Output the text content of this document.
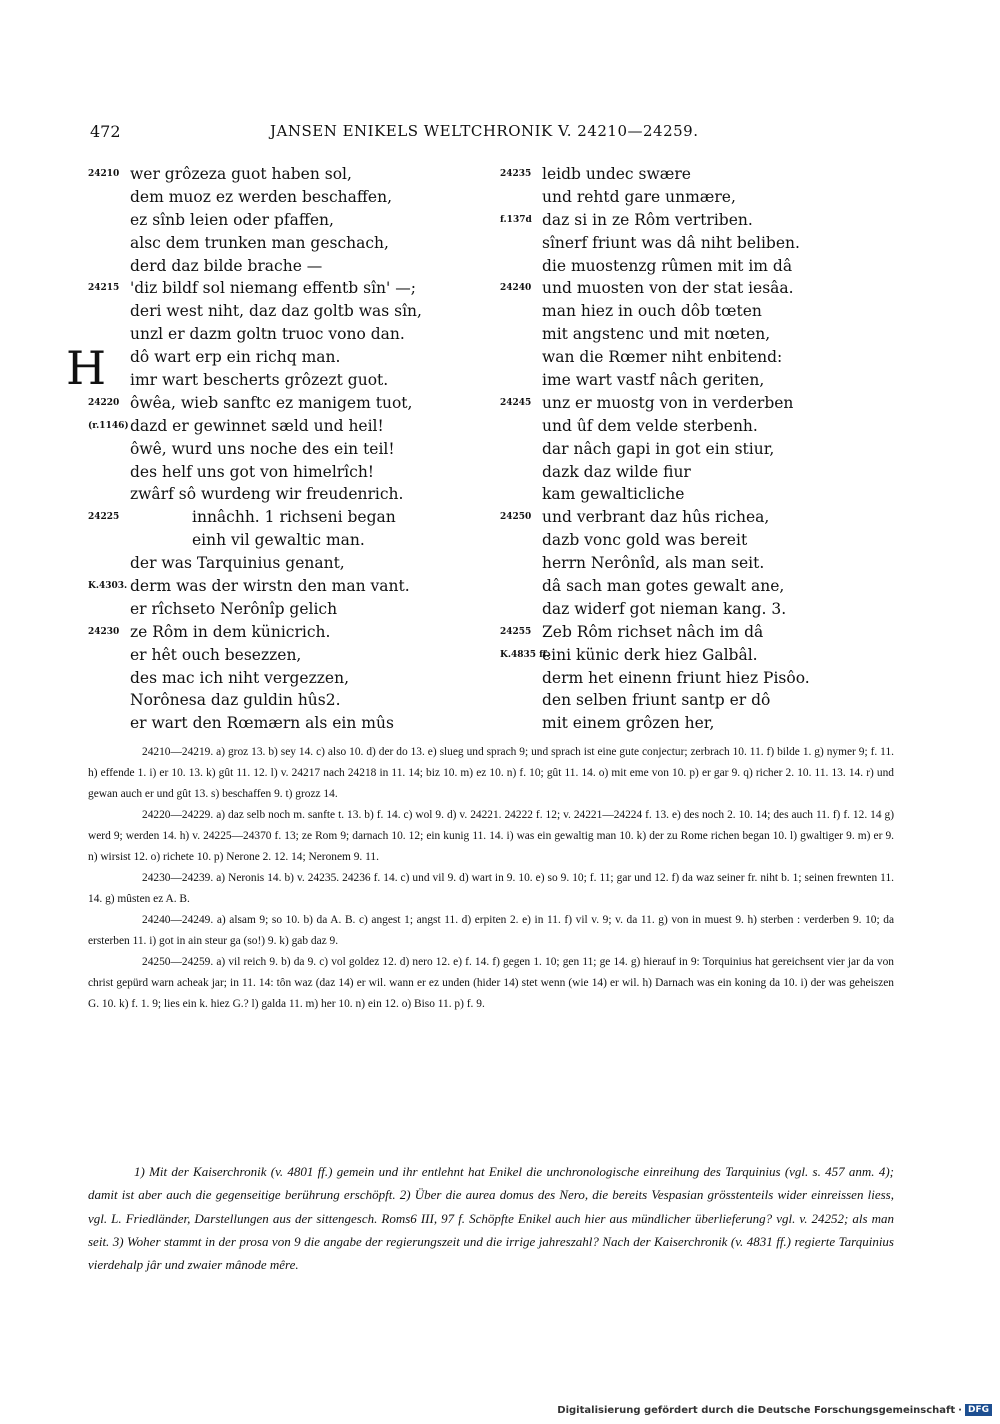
472	JANSEN ENIKELS WELTCHRONIK V. 24210—24259.
24210 wer grôzeza guot haben sol,
dem muoz ez werden beschaffen,
ez sînb leien oder pfaffen,
alsc dem trunken man geschach,
derd daz bilde brache —
24215 'diz bildf sol niemang effentb sîn' —;
deri west niht, daz daz goltb was sîn,
unzl er dazm goltn truoc vono dan.
dô wart erp ein richq man.
imr wart bescherts grôzezt guot.
24220 ôwêa, wieb sanftc ez manigem tuot,
(r.1146) dazd er gewinnet sæld und heil!
ôwê, wurd uns noche des ein teil!
des helf uns got von himelrîch!
zwârf sô wurdeng wir freudenrich.
24225	innâchh. 1 richseni began
einh vil gewaltic man.
der was Tarquinius genant,
K.4303. derm was der wirstn den man vant.
er rîchseto Nerônîp gelich
24230 ze Rôm in dem künicrich.
er hêt ouch besezzen,
des mac ich niht vergezzen,
Norônesa daz guldin hûs2.
er wart den Rœmærn als ein mûs
24235 leidb undec swære
und rehtd gare unmære,
f.137d daz si in ze Rôm vertriben.
sînerf friunt was dâ niht beliben.
die muostenzg rûmen mit im dâ
24240 und muosten von der stat iesâa.
man hiez in ouch dôb tœten
mit angstenc und mit nœten,
wan die Rœmer niht enbitend:
ime wart vastf nâch geriten,
24245 unz er muostg von in verderben
und ûf dem velde sterbenh.
dar nâch gapi in got ein stiur,
dazk daz wilde fiur
kam gewalticliche
24250 und verbrant daz hûs richea,
dazb vonc gold was bereit
herrn Nerônîd, als man seit.
dâ sach man gotes gewalt ane,
daz widerf got nieman kang. 3.
24255 Zeb Rôm richset nâch im dâ
K.4835 ff.
eini künic derk hiez Galbâl.
derm het einenn friunt hiez Pisôo.
den selben friunt santp er dô
mit einem grôzen her,
H

24210—24219. a) groz 13. b) sey 14. c) also 10. d) der do 13. e) slueg und sprach 9; und sprach ist eine gute conjectur; zerbrach 10. 11. f) bilde 1. g) nymer 9; f. 11. h) effende 1. i) er 10. 13. k) gût 11. 12. l) v. 24217 nach 24218 in 11. 14; biz 10. m) ez 10. n) f. 10; gût 11. 14. o) mit eme von 10. p) er gar 9. q) richer 2. 10. 11. 13. 14. r) und gewan auch er und gût 13. s) beschaffen 9. t) grozz 14.

24220—24229. a) daz selb noch m. sanfte t. 13. b) f. 14. c) wol 9. d) v. 24221. 24222 f. 12; v. 24221—24224 f. 13. e) des noch 2. 10. 14; des auch 11. f) f. 12. 14 g) werd 9; werden 14. h) v. 24225—24370 f. 13; ze Rom 9; darnach 10. 12; ein kunig 11. 14. i) was ein gewaltig man 10. k) der zu Rome richen began 10. l) gwaltiger 9. m) er 9. n) wirsist 12. o) richete 10. p) Nerone 2. 12. 14; Neronem 9. 11.

24230—24239. a) Neronis 14. b) v. 24235. 24236 f. 14. c) und vil 9. d) wart in 9. 10. e) so 9. 10; f. 11; gar und 12. f) da waz seiner fr. niht b. 1; seinen frewnten 11. 14. g) mûsten ez A. B.

24240—24249. a) alsam 9; so 10. b) da A. B. c) angest 1; angst 11. d) erpiten 2. e) in 11. f) vil v. 9; v. da 11. g) von in muest 9. h) sterben : verderben 9. 10; da ersterben 11. i) got in ain steur ga (so!) 9. k) gab daz 9.

24250—24259. a) vil reich 9. b) da 9. c) vol goldez 12. d) nero 12. e) f. 14. f) gegen 1. 10; gen 11; ge 14. g) hierauf in 9: Torquinius hat gereichsent vier jar da von christ gepürd warn acheak jar; in 11. 14: tôn waz (daz 14) er wil. wann er ez unden (hider 14) stet wenn (wie 14) er wil. h) Darnach was ein koning da 10. i) der was geheiszen G. 10. k) f. 1. 9; lies ein k. hiez G.? l) galda 11. m) her 10. n) ein 12. o) Biso 11. p) f. 9.

1) Mit der Kaiserchronik (v. 4801 ff.) gemein und ihr entlehnt hat Enikel die unchronologische einreihung des Tarquinius (vgl. s. 457 anm. 4); damit ist aber auch die gegenseitige berührung erschöpft. 2) Über die aurea domus des Nero, die bereits Vespasian grösstenteils wider einreissen liess, vgl. L. Friedländer, Darstellungen aus der sittengesch. Roms6 III, 97 f. Schöpfte Enikel auch hier aus mündlicher überlieferung? vgl. v. 24252; als man seit. 3) Woher stammt in der prosa von 9 die angabe der regierungszeit und die irrige jahreszahl? Nach der Kaiserchronik (v. 4831 ff.) regierte Tarquinius vierdehalp jâr und zwaier mânode mêre.

Digitalisierung gefördert durch die Deutsche Forschungsgemeinschaft · DFG
